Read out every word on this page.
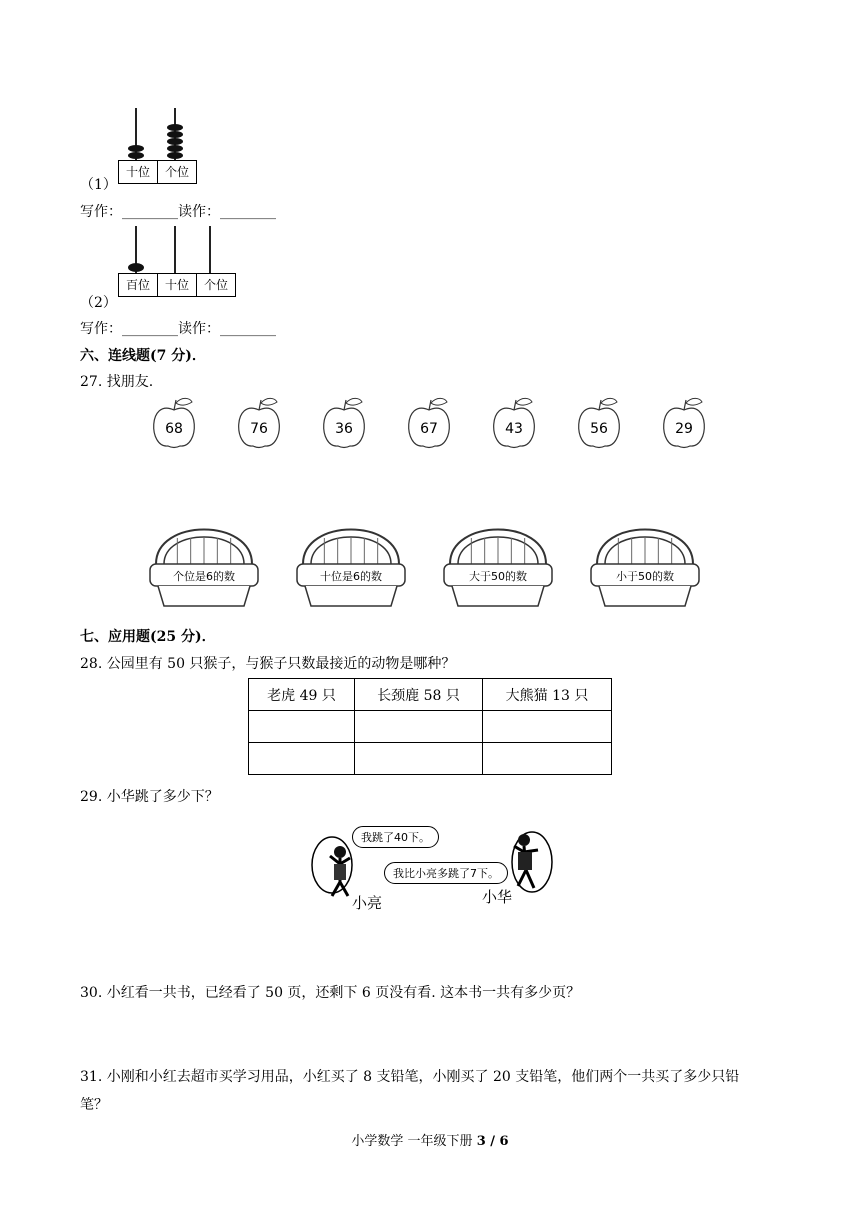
十位	个位
（1）
写作：________读作：________
百位	十位	个位
（2）
写作：________读作：________
六、连线题(7 分)．
27. 找朋友.
68	76	36	67	43	56	29
个位是6的数	十位是6的数	大于50的数	小于50的数
七、应用题(25 分)．
28. 公园里有 50 只猴子，与猴子只数最接近的动物是哪种？
老虎 49 只	长颈鹿 58 只	大熊猫 13 只

29. 小华跳了多少下？
我跳了40下。
我比小亮多跳了7下。
小亮	小华
30. 小红看一共书，已经看了 50 页，还剩下 6 页没有看. 这本书一共有多少页？
31. 小刚和小红去超市买学习用品，小红买了 8 支铅笔，小刚买了 20 支铅笔，他们两个一共买了多少只铅
笔？
小学数学 一年级下册 3 / 6
